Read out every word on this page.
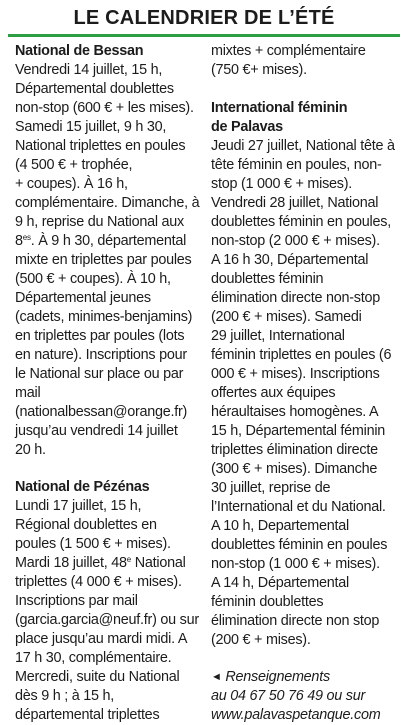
LE CALENDRIER DE L’ÉTÉ
National de Bessan
Vendredi 14 juillet, 15 h,
Départemental doublettes
non-stop (600 € + les mises).
Samedi 15 juillet, 9 h 30,
National triplettes en poules
(4 500 € + trophée,
+ coupes). À 16 h,
complémentaire. Dimanche, à
9 h, reprise du National aux
$8^{es}$. À 9 h 30, départemental
mixte en triplettes par poules
(500 € + coupes). À 10 h,
Départemental jeunes
(cadets, minimes-benjamins)
en triplettes par poules (lots
en nature). Inscriptions pour
le National sur place ou par
mail
(nationalbessan@orange.fr)
jusqu’au vendredi 14 juillet
20 h.
National de Pézénas
Lundi 17 juillet, 15 h,
Régional doublettes en
poules (1 500 € + mises).
Mardi 18 juillet, 48e National
triplettes (4 000 € + mises).
Inscriptions par mail
(garcia.garcia@neuf.fr) ou sur
place jusqu’au mardi midi. A
17 h 30, complémentaire.
Mercredi, suite du National
dès 9 h ; à 15 h,
départemental triplettes
mixtes + complémentaire
(750 €+ mises).
International féminin
de Palavas
Jeudi 27 juillet, National tête à
tête féminin en poules, non-
stop (1 000 € + mises).
Vendredi 28 juillet, National
doublettes féminin en poules,
non-stop (2 000 € + mises).
A 16 h 30, Départemental
doublettes féminin
élimination directe non-stop
(200 € + mises). Samedi
29 juillet, International
féminin triplettes en poules (6
000 € + mises). Inscriptions
offertes aux équipes
héraultaises homogènes. A
15 h, Départemental féminin
triplettes élimination directe
(300 € + mises). Dimanche
30 juillet, reprise de
l’International et du National.
A 10 h, Departemental
doublettes féminin en poules
non-stop (1 000 € + mises).
A 14 h, Départemental
féminin doublettes
élimination directe non stop
(200 € + mises).
◄ Renseignements
au 04 67 50 76 49 ou sur
www.palavaspetanque.com
